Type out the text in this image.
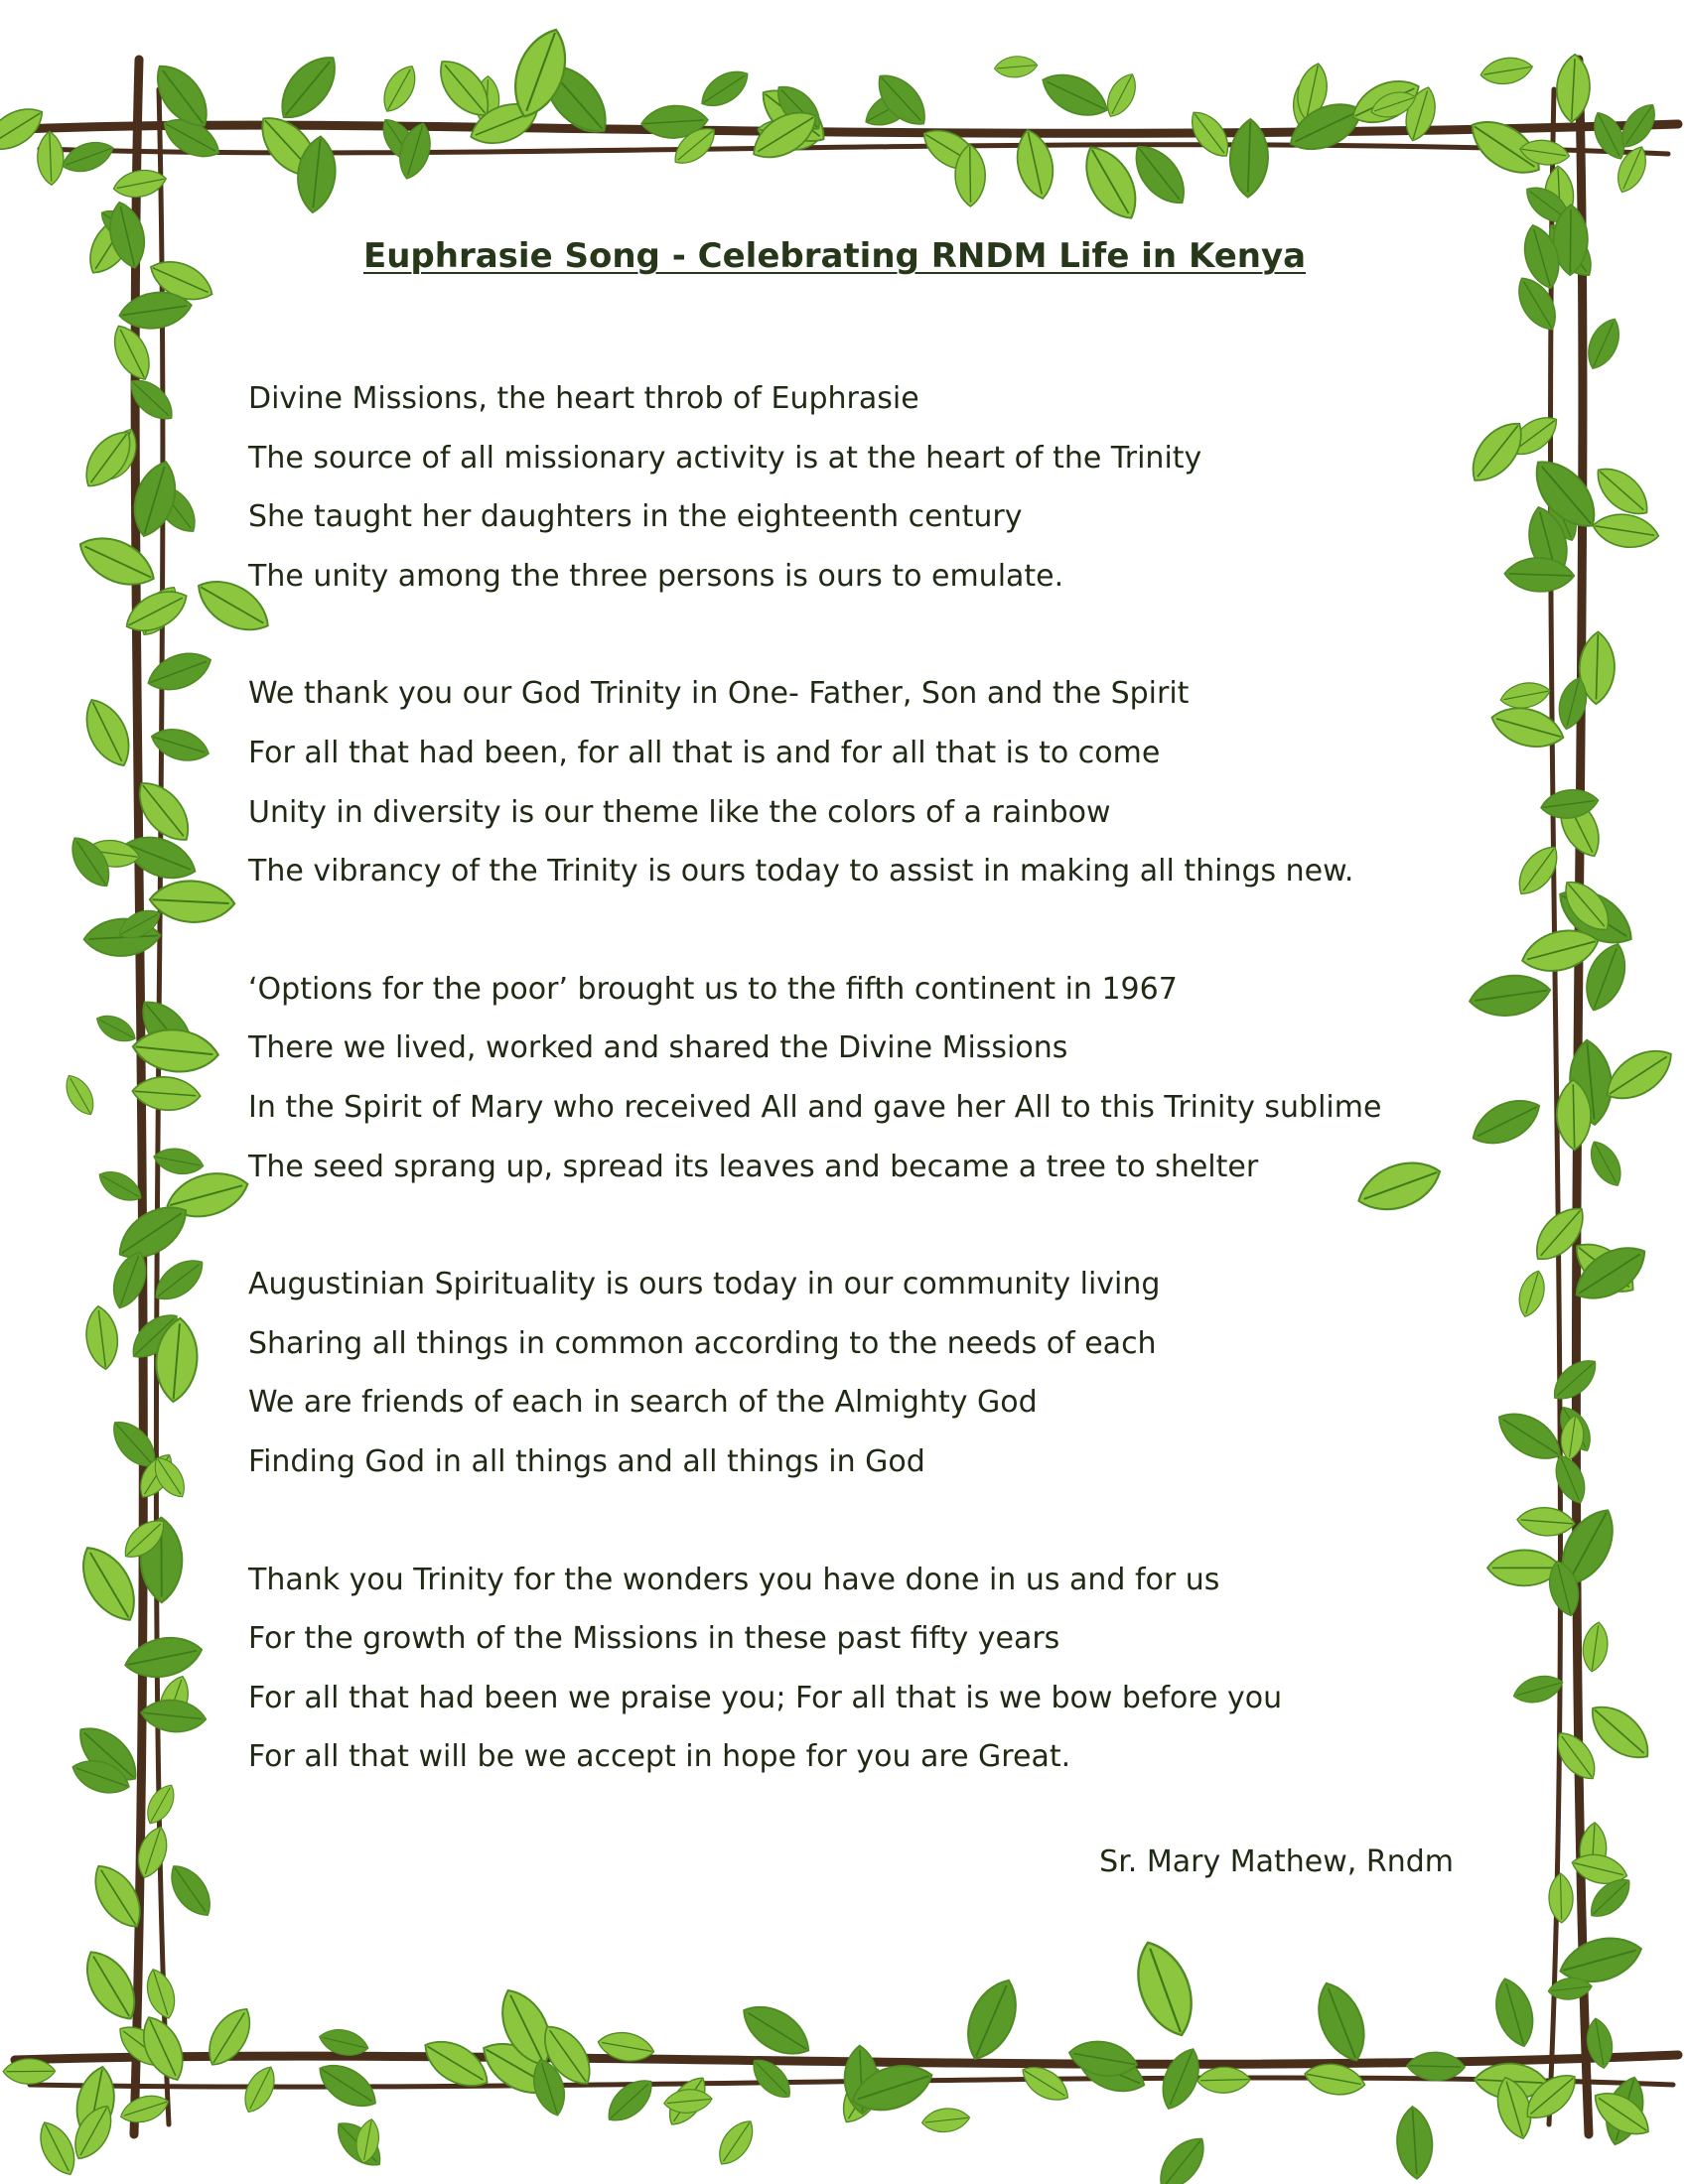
Euphrasie Song - Celebrating RNDM Life in Kenya
Divine Missions, the heart throb of Euphrasie
The source of all missionary activity is at the heart of the Trinity
She taught her daughters in the eighteenth century
The unity among the three persons is ours to emulate.
We thank you our God Trinity in One- Father, Son and the Spirit
For all that had been, for all that is and for all that is to come
Unity in diversity is our theme like the colors of a rainbow
The vibrancy of the Trinity is ours today to assist in making all things new.
‘Options for the poor’ brought us to the fifth continent in 1967
There we lived, worked and shared the Divine Missions
In the Spirit of Mary who received All and gave her All to this Trinity sublime
The seed sprang up, spread its leaves and became a tree to shelter
Augustinian Spirituality is ours today in our community living
Sharing all things in common according to the needs of each
We are friends of each in search of the Almighty God
Finding God in all things and all things in God
Thank you Trinity for the wonders you have done in us and for us
For the growth of the Missions in these past fifty years
For all that had been we praise you; For all that is we bow before you
For all that will be we accept in hope for you are Great.
Sr. Mary Mathew, Rndm
